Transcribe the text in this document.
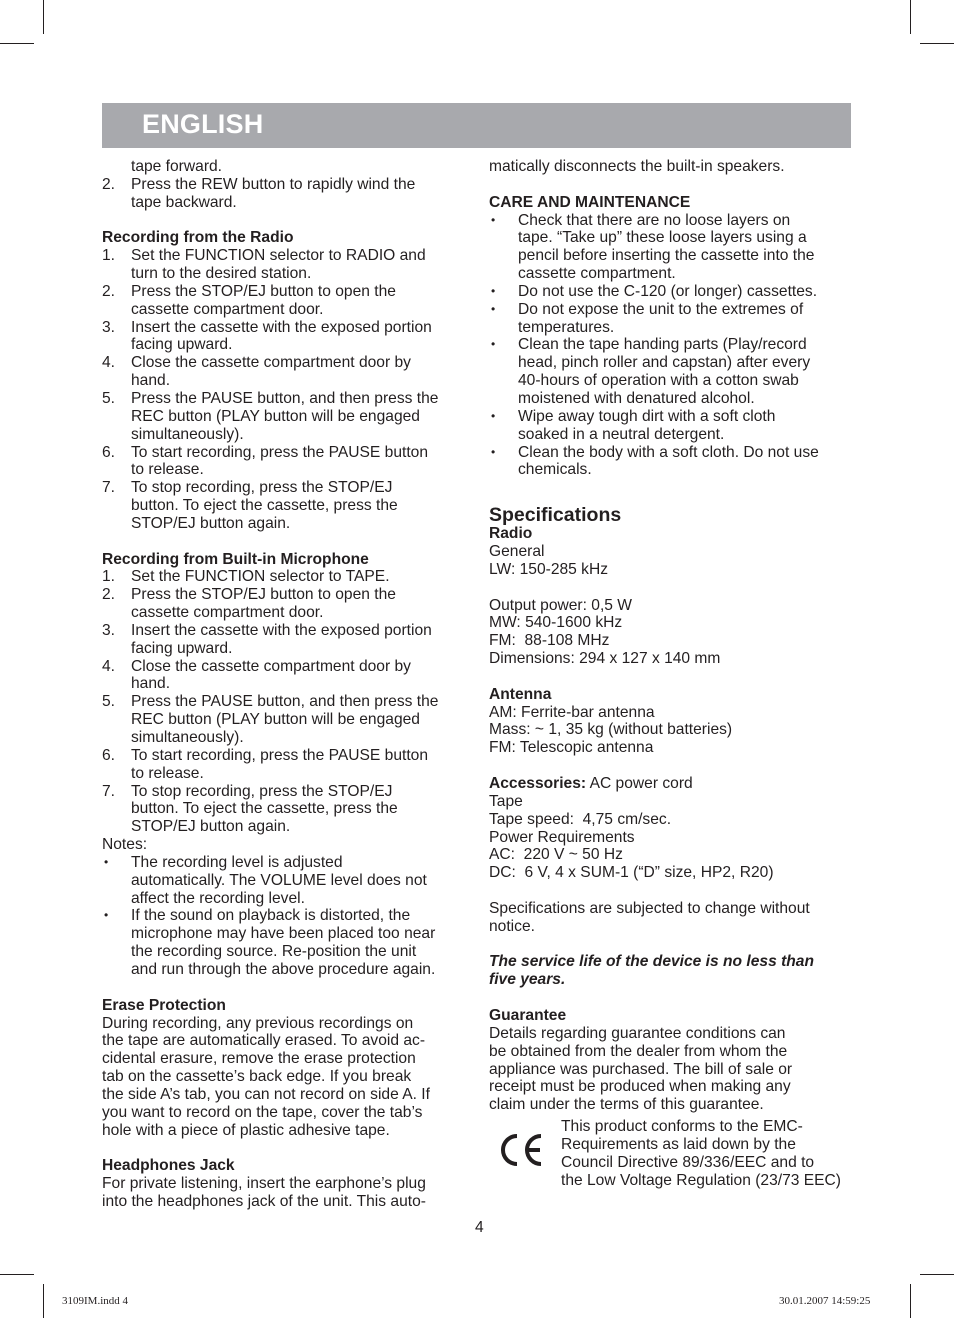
ENGLISH
tape forward.
2. Press the REW button to rapidly wind the
tape backward.
Recording from the Radio
1. Set the FUNCTION selector to RADIO and
turn to the desired station.
2. Press the STOP/EJ button to open the
cassette compartment door.
3. Insert the cassette with the exposed portion
facing upward.
4. Close the cassette compartment door by
hand.
5. Press the PAUSE button, and then press the
REC button (PLAY button will be engaged
simultaneously).
6. To start recording, press the PAUSE button
to release.
7. To stop recording, press the STOP/EJ
button. To eject the cassette, press the
STOP/EJ button again.
Recording from Built-in Microphone
1. Set the FUNCTION selector to TAPE.
2. Press the STOP/EJ button to open the
cassette compartment door.
3. Insert the cassette with the exposed portion
facing upward.
4. Close the cassette compartment door by
hand.
5. Press the PAUSE button, and then press the
REC button (PLAY button will be engaged
simultaneously).
6. To start recording, press the PAUSE button
to release.
7. To stop recording, press the STOP/EJ
button. To eject the cassette, press the
STOP/EJ button again.
Notes:
• The recording level is adjusted
automatically. The VOLUME level does not
affect the recording level.
• If the sound on playback is distorted, the
microphone may have been placed too near
the recording source. Re-position the unit
and run through the above procedure again.
Erase Protection
During recording, any previous recordings on
the tape are automatically erased. To avoid ac-
cidental erasure, remove the erase protection
tab on the cassette’s back edge. If you break
the side A’s tab, you can not record on side A. If
you want to record on the tape, cover the tab’s
hole with a piece of plastic adhesive tape.
Headphones Jack
For private listening, insert the earphone’s plug
into the headphones jack of the unit. This auto-
matically disconnects the built-in speakers.
CARE AND MAINTENANCE
• Check that there are no loose layers on
tape. “Take up” these loose layers using a
pencil before inserting the cassette into the
cassette compartment.
• Do not use the C-120 (or longer) cassettes.
• Do not expose the unit to the extremes of
temperatures.
• Clean the tape handing parts (Play/record
head, pinch roller and capstan) after every
40-hours of operation with a cotton swab
moistened with denatured alcohol.
• Wipe away tough dirt with a soft cloth
soaked in a neutral detergent.
• Clean the body with a soft cloth. Do not use
chemicals.
Specifications
Radio
General
LW: 150-285 kHz
Output power: 0,5 W
MW: 540-1600 kHz
FM:  88-108 MHz
Dimensions: 294 x 127 x 140 mm
Antenna
AM: Ferrite-bar antenna
Mass: ~ 1, 35 kg (without batteries)
FM: Telescopic antenna
Accessories: AC power cord
Tape
Tape speed:  4,75 cm/sec.
Power Requirements
AC:  220 V ~ 50 Hz
DC:  6 V, 4 x SUM-1 (“D” size, HP2, R20)
Specifications are subjected to change without
notice.
The service life of the device is no less than
five years.
Guarantee
Details regarding guarantee conditions can
be obtained from the dealer from whom the
appliance was purchased. The bill of sale or
receipt must be produced when making any
claim under the terms of this guarantee.
This product conforms to the EMC-
Requirements as laid down by the
Council Directive 89/336/EEC and to
the Low Voltage Regulation (23/73 EEC)
4
3109IM.indd 4	30.01.2007 14:59:25
